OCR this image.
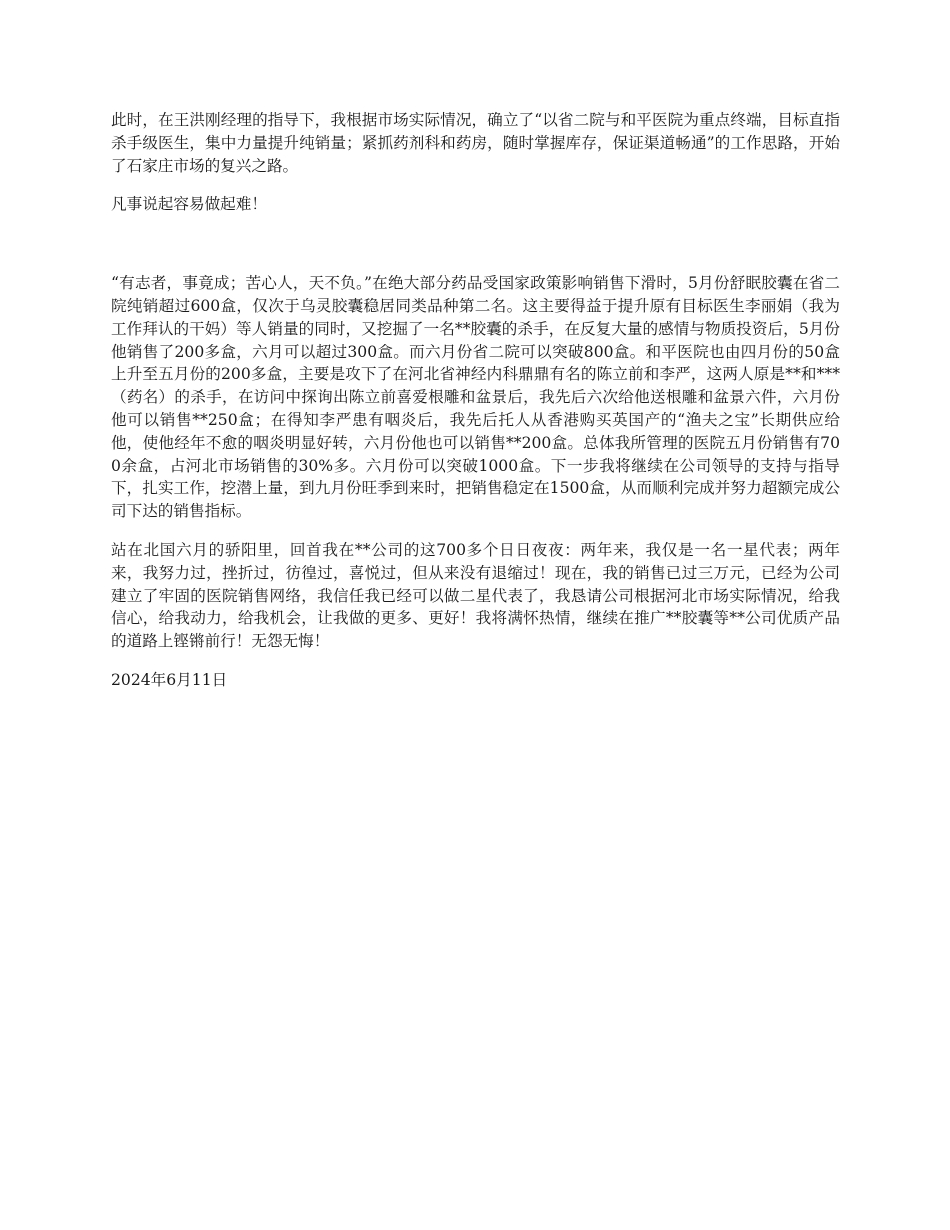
此时，在王洪刚经理的指导下，我根据市场实际情况，确立了“以省二院与和平医院为重点终端，目标直指杀手级医生，集中力量提升纯销量；紧抓药剂科和药房，随时掌握库存，保证渠道畅通”的工作思路，开始了石家庄市场的复兴之路。

凡事说起容易做起难！

“有志者，事竟成；苦心人，天不负。”在绝大部分药品受国家政策影响销售下滑时，5月份舒眠胶囊在省二院纯销超过600盒，仅次于乌灵胶囊稳居同类品种第二名。这主要得益于提升原有目标医生李丽娟（我为工作拜认的干妈）等人销量的同时，又挖掘了一名**胶囊的杀手，在反复大量的感情与物质投资后，5月份他销售了200多盒，六月可以超过300盒。而六月份省二院可以突破800盒。和平医院也由四月份的50盒上升至五月份的200多盒，主要是攻下了在河北省神经内科鼎鼎有名的陈立前和李严，这两人原是**和***（药名）的杀手，在访问中探询出陈立前喜爱根雕和盆景后，我先后六次给他送根雕和盆景六件，六月份他可以销售**250盒；在得知李严患有咽炎后，我先后托人从香港购买英国产的“渔夫之宝”长期供应给他，使他经年不愈的咽炎明显好转，六月份他也可以销售**200盒。总体我所管理的医院五月份销售有700余盒，占河北市场销售的30%多。六月份可以突破1000盒。下一步我将继续在公司领导的支持与指导下，扎实工作，挖潜上量，到九月份旺季到来时，把销售稳定在1500盒，从而顺利完成并努力超额完成公司下达的销售指标。

站在北国六月的骄阳里，回首我在**公司的这700多个日日夜夜：两年来，我仅是一名一星代表；两年来，我努力过，挫折过，彷徨过，喜悦过，但从来没有退缩过！现在，我的销售已过三万元，已经为公司建立了牢固的医院销售网络，我信任我已经可以做二星代表了，我恳请公司根据河北市场实际情况，给我信心，给我动力，给我机会，让我做的更多、更好！我将满怀热情，继续在推广**胶囊等**公司优质产品的道路上铿锵前行！无怨无悔！

2024年6月11日
